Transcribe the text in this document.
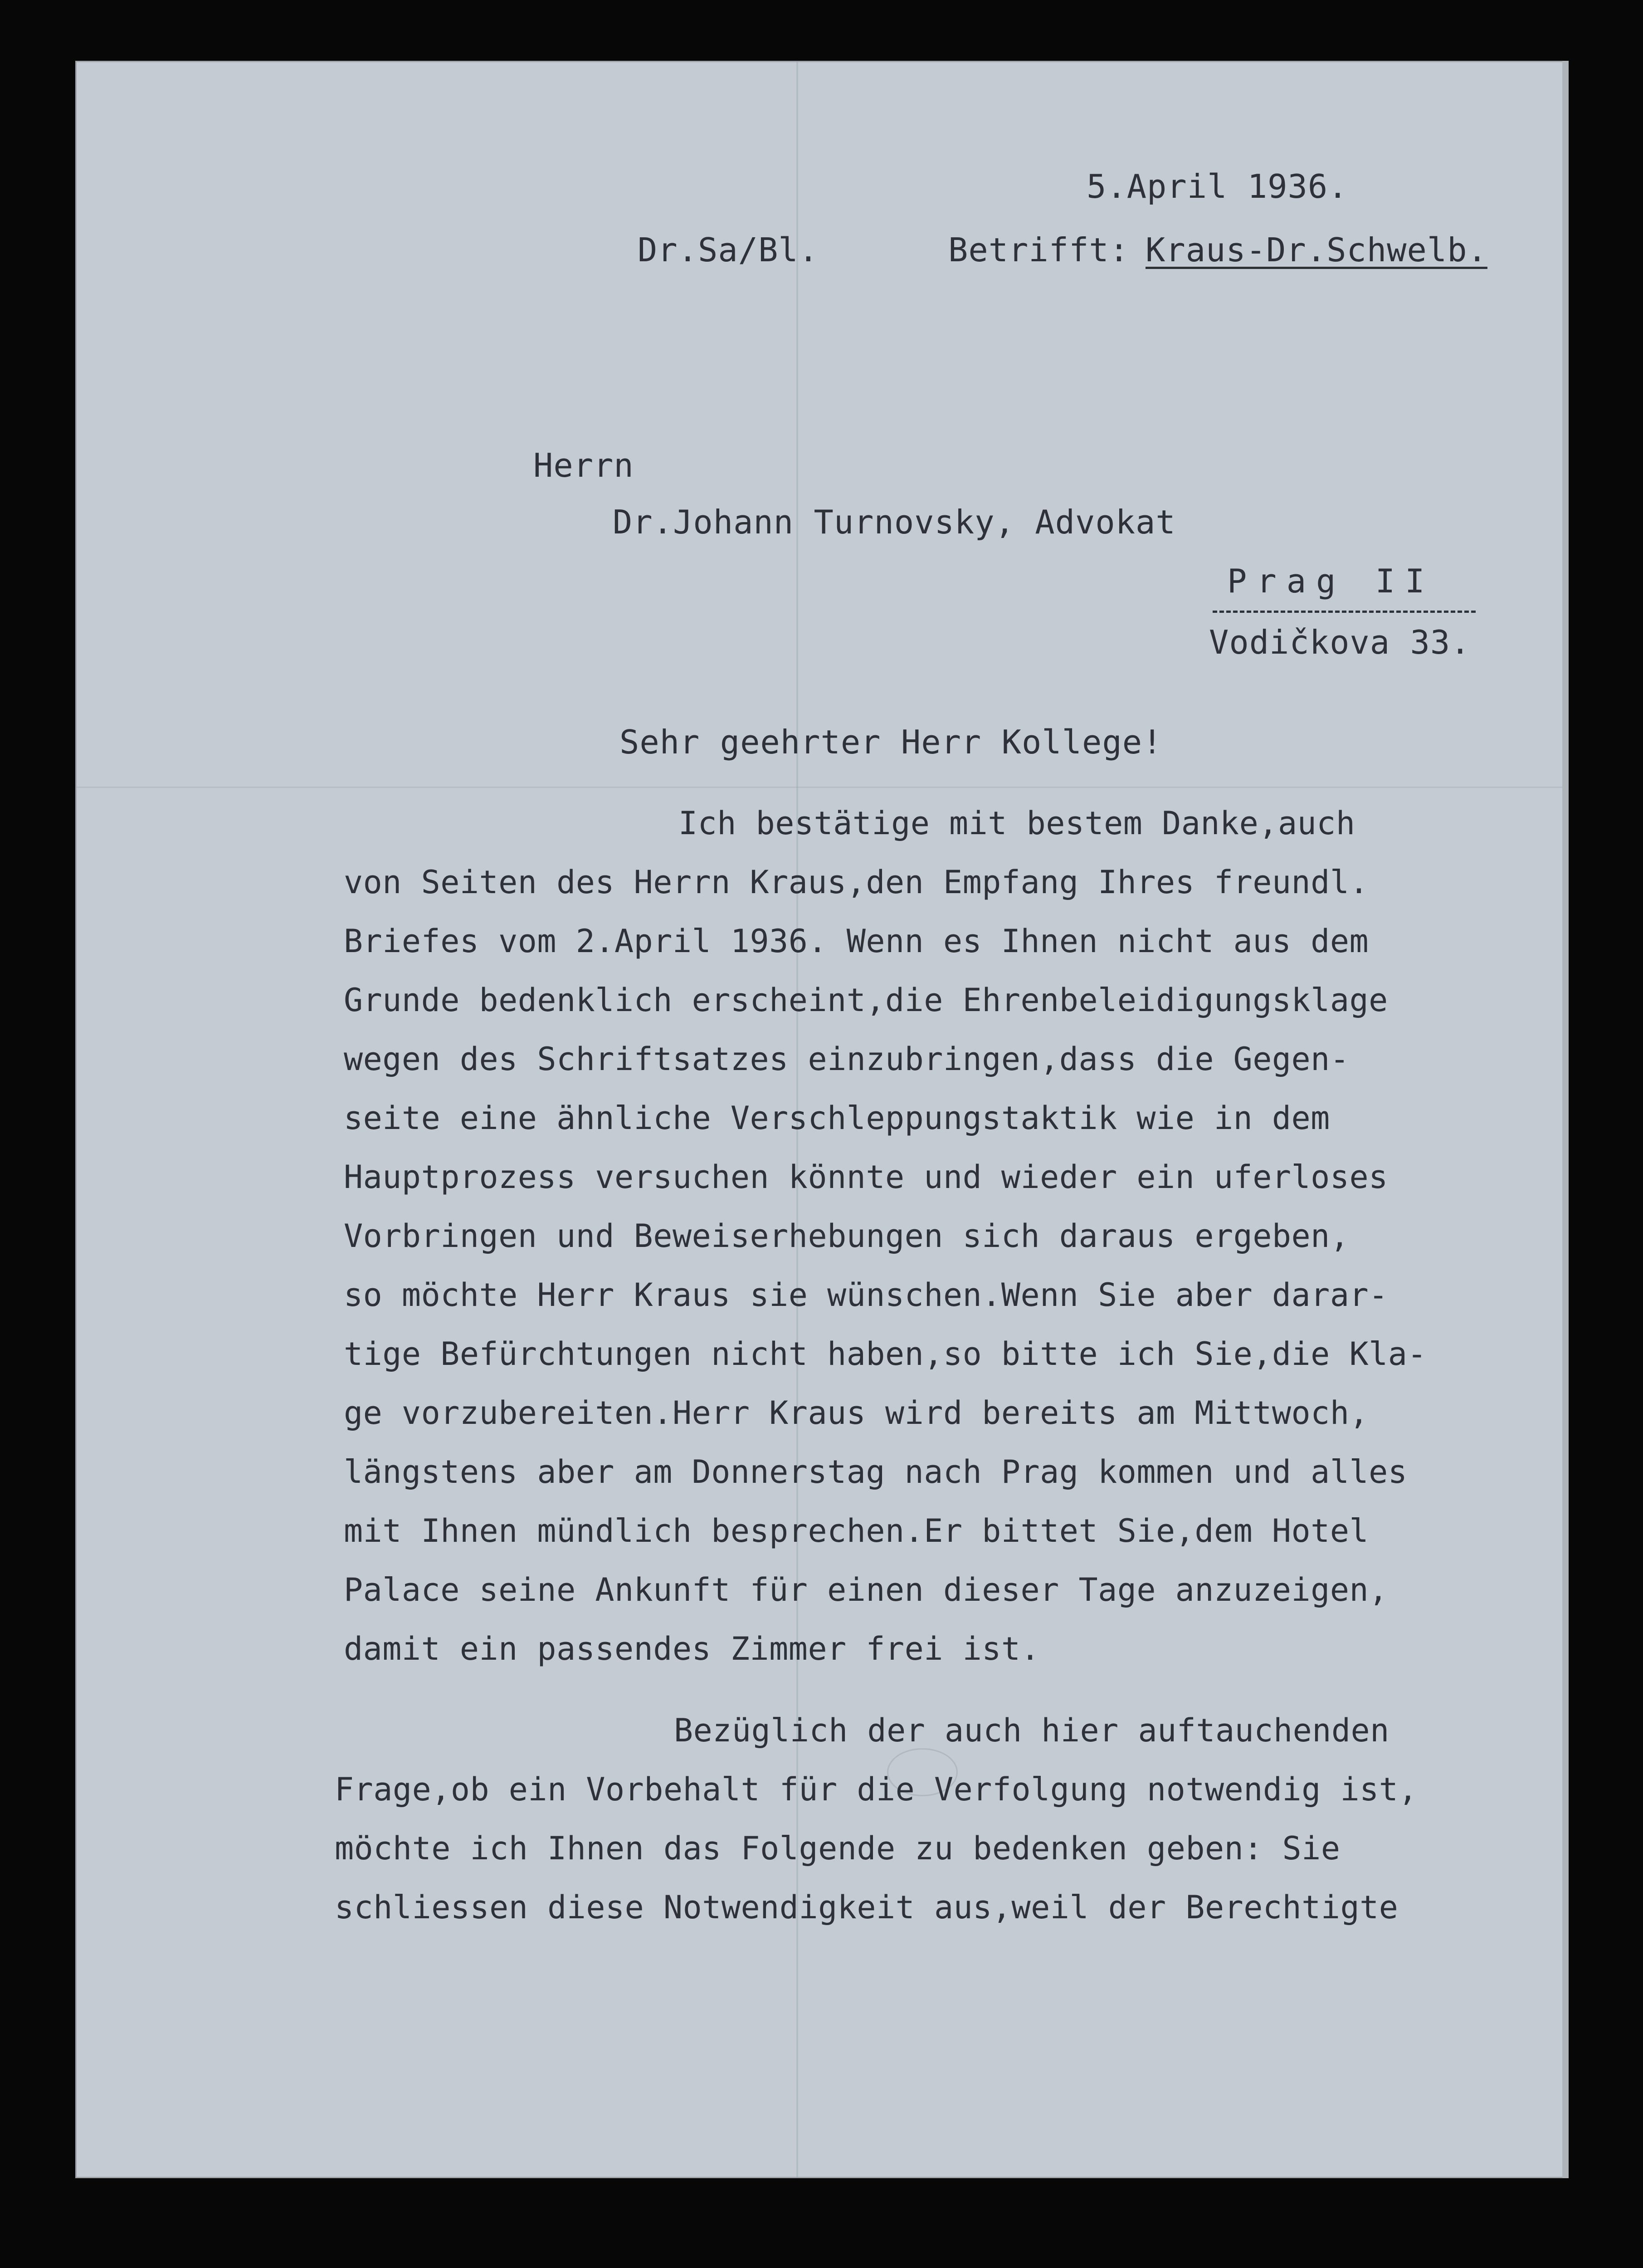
5.April 1936.

Dr.Sa/Bl.	Betrifft: Kraus-Dr.Schwelb.

Herrn

Dr.Johann Turnovsky, Advokat

Prag II

Vodičkova 33.

Sehr geehrter Herr Kollege!

Ich bestätige mit bestem Danke,auch

von Seiten des Herrn Kraus,den Empfang Ihres freundl.

Briefes vom 2.April 1936. Wenn es Ihnen nicht aus dem

Grunde bedenklich erscheint,die Ehrenbeleidigungsklage

wegen des Schriftsatzes einzubringen,dass die Gegen-

seite eine ähnliche Verschleppungstaktik wie in dem

Hauptprozess versuchen könnte und wieder ein uferloses

Vorbringen und Beweiserhebungen sich daraus ergeben,

so möchte Herr Kraus sie wünschen.Wenn Sie aber darar-

tige Befürchtungen nicht haben,so bitte ich Sie,die Kla-

ge vorzubereiten.Herr Kraus wird bereits am Mittwoch,

längstens aber am Donnerstag nach Prag kommen und alles

mit Ihnen mündlich besprechen.Er bittet Sie,dem Hotel

Palace seine Ankunft für einen dieser Tage anzuzeigen,

damit ein passendes Zimmer frei ist.

Bezüglich der auch hier auftauchenden

Frage,ob ein Vorbehalt für die Verfolgung notwendig ist,

möchte ich Ihnen das Folgende zu bedenken geben: Sie

schliessen diese Notwendigkeit aus,weil der Berechtigte
